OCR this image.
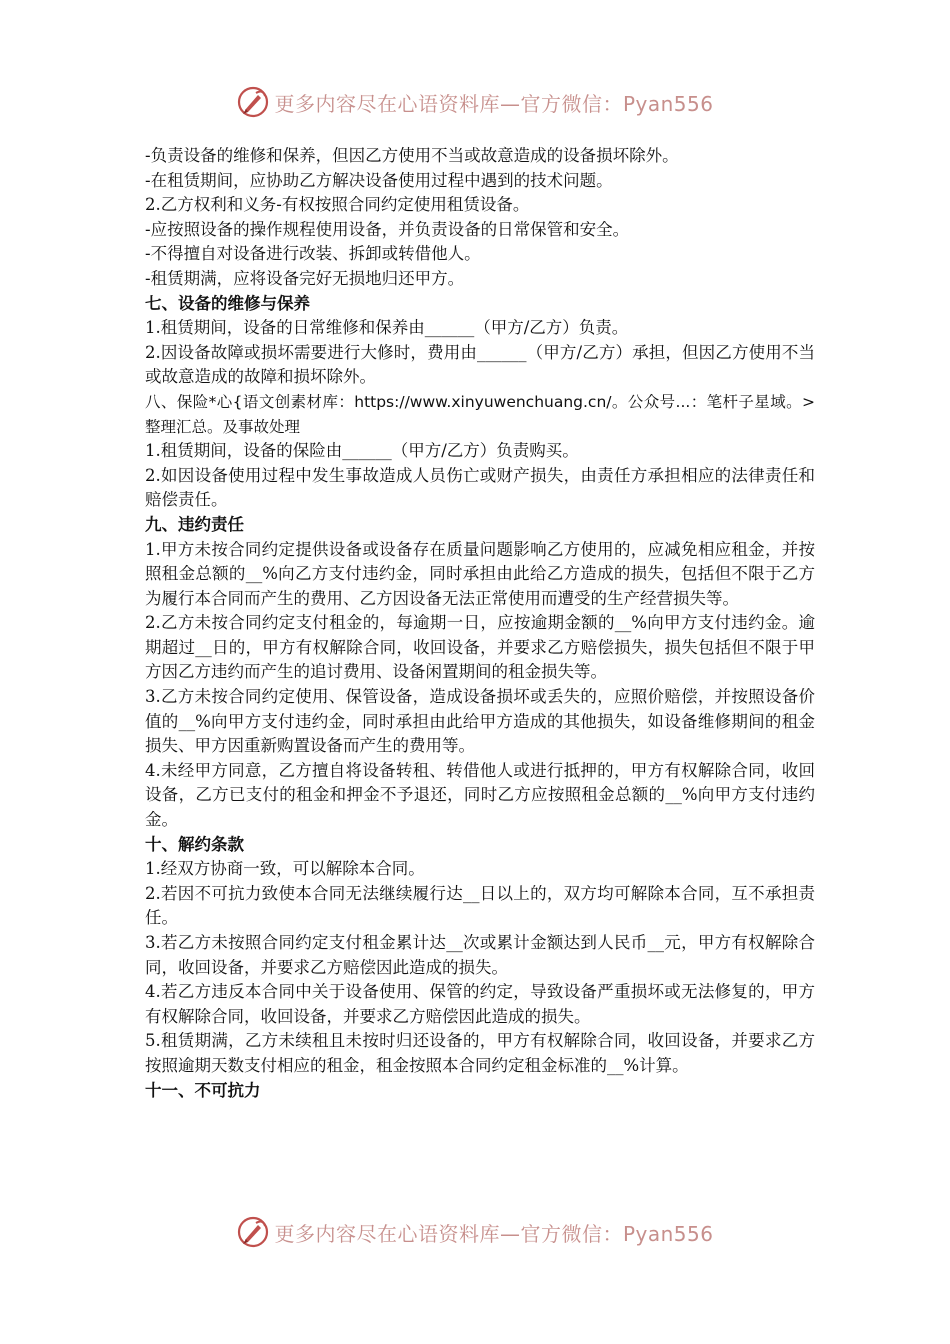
更多内容尽在心语资料库—官方微信：Pyan556

-负责设备的维修和保养，但因乙方使用不当或故意造成的设备损坏除外。

-在租赁期间，应协助乙方解决设备使用过程中遇到的技术问题。

2.乙方权利和义务-有权按照合同约定使用租赁设备。

-应按照设备的操作规程使用设备，并负责设备的日常保管和安全。

-不得擅自对设备进行改装、拆卸或转借他人。

-租赁期满，应将设备完好无损地归还甲方。

七、设备的维修与保养

1.租赁期间，设备的日常维修和保养由______（甲方/乙方）负责。

2.因设备故障或损坏需要进行大修时，费用由______（甲方/乙方）承担，但因乙方使用不当或故意造成的故障和损坏除外。

八、保险*心{语文创素材库：https://www.xinyuwenchuang.cn/。公众号...：笔杆子星域。>整理汇总。及事故处理

1.租赁期间，设备的保险由______（甲方/乙方）负责购买。

2.如因设备使用过程中发生事故造成人员伤亡或财产损失，由责任方承担相应的法律责任和赔偿责任。

九、违约责任

1.甲方未按合同约定提供设备或设备存在质量问题影响乙方使用的，应减免相应租金，并按照租金总额的__%向乙方支付违约金，同时承担由此给乙方造成的损失，包括但不限于乙方为履行本合同而产生的费用、乙方因设备无法正常使用而遭受的生产经营损失等。

2.乙方未按合同约定支付租金的，每逾期一日，应按逾期金额的__%向甲方支付违约金。逾期超过__日的，甲方有权解除合同，收回设备，并要求乙方赔偿损失，损失包括但不限于甲方因乙方违约而产生的追讨费用、设备闲置期间的租金损失等。

3.乙方未按合同约定使用、保管设备，造成设备损坏或丢失的，应照价赔偿，并按照设备价值的__%向甲方支付违约金，同时承担由此给甲方造成的其他损失，如设备维修期间的租金损失、甲方因重新购置设备而产生的费用等。

4.未经甲方同意，乙方擅自将设备转租、转借他人或进行抵押的，甲方有权解除合同，收回设备，乙方已支付的租金和押金不予退还，同时乙方应按照租金总额的__%向甲方支付违约金。

十、解约条款

1.经双方协商一致，可以解除本合同。

2.若因不可抗力致使本合同无法继续履行达__日以上的，双方均可解除本合同，互不承担责任。

3.若乙方未按照合同约定支付租金累计达__次或累计金额达到人民币__元，甲方有权解除合同，收回设备，并要求乙方赔偿因此造成的损失。

4.若乙方违反本合同中关于设备使用、保管的约定，导致设备严重损坏或无法修复的，甲方有权解除合同，收回设备，并要求乙方赔偿因此造成的损失。

5.租赁期满，乙方未续租且未按时归还设备的，甲方有权解除合同，收回设备，并要求乙方按照逾期天数支付相应的租金，租金按照本合同约定租金标准的__%计算。

十一、不可抗力

更多内容尽在心语资料库—官方微信：Pyan556
